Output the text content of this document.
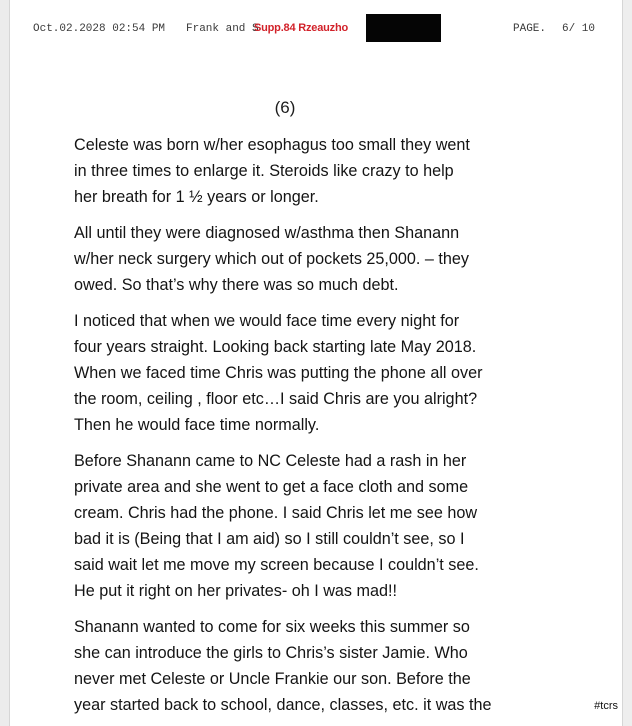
Oct.02.2028 02:54 PM Frank and S
Supp.84 Rzeauzho	PAGE. 6/ 10
(6)
Celeste was born w/her esophagus too small they went
in three times to enlarge it. Steroids like crazy to help
her breath for 1 ½ years or longer.
All until they were diagnosed w/asthma then Shanann
w/her neck surgery which out of pockets 25,000. – they
owed. So that’s why there was so much debt.
I noticed that when we would face time every night for
four years straight. Looking back starting late May 2018.
When we faced time Chris was putting the phone all over
the room, ceiling , floor etc…I said Chris are you alright?
Then he would face time normally.
Before Shanann came to NC Celeste had a rash in her
private area and she went to get a face cloth and some
cream. Chris had the phone. I said Chris let me see how
bad it is (Being that I am aid) so I still couldn’t see, so I
said wait let me move my screen because I couldn’t see.
He put it right on her privates- oh I was mad!!
Shanann wanted to come for six weeks this summer so
she can introduce the girls to Chris’s sister Jamie. Who
never met Celeste or Uncle Frankie our son. Before the
year started back to school, dance, classes, etc. it was the	#tcrs
